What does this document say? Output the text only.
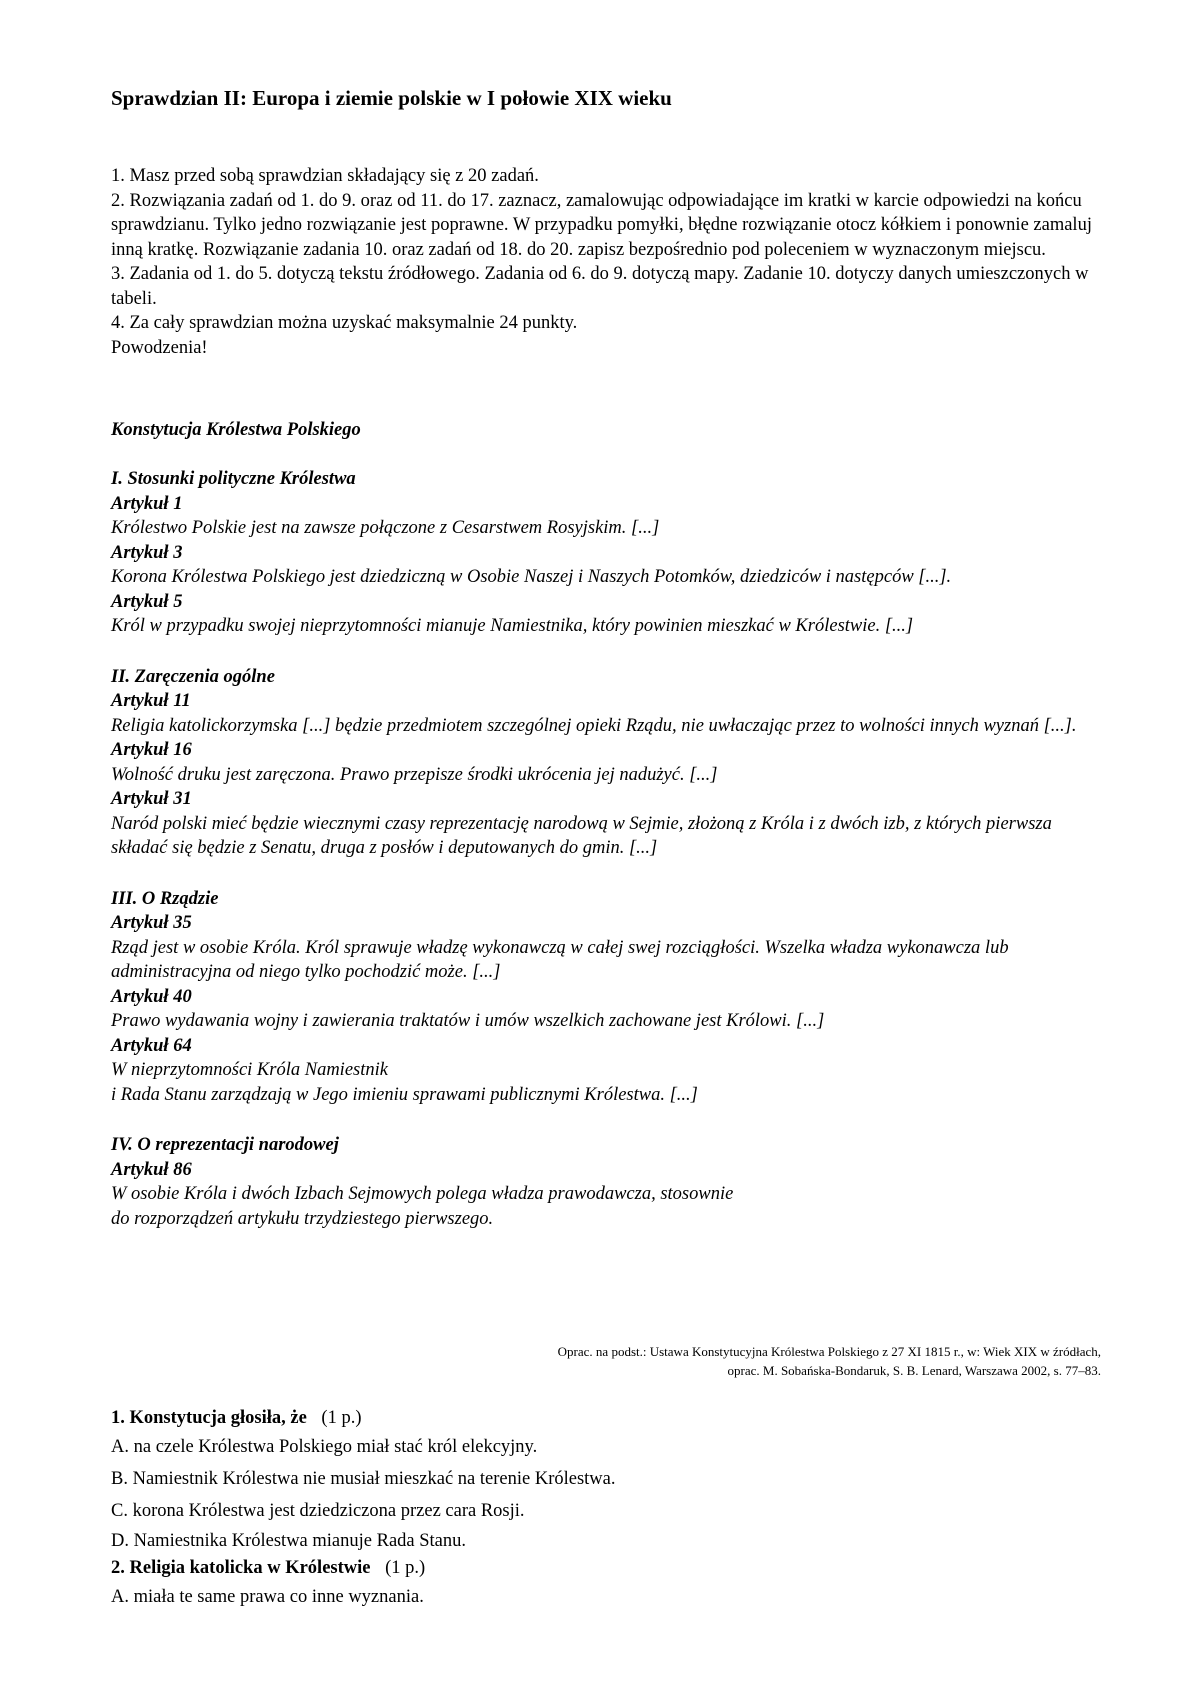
Sprawdzian II: Europa i ziemie polskie w I połowie XIX wieku

1. Masz przed sobą sprawdzian składający się z 20 zadań.

2. Rozwiązania zadań od 1. do 9. oraz od 11. do 17. zaznacz, zamalowując odpowiadające im kratki w karcie odpowiedzi na końcu sprawdzianu. Tylko jedno rozwiązanie jest poprawne. W przypadku pomyłki, błędne rozwiązanie otocz kółkiem i ponownie zamaluj inną kratkę. Rozwiązanie zadania 10. oraz zadań od 18. do 20. zapisz bezpośrednio pod poleceniem w wyznaczonym miejscu.

3. Zadania od 1. do 5. dotyczą tekstu źródłowego. Zadania od 6. do 9. dotyczą mapy. Zadanie 10. dotyczy danych umieszczonych w tabeli.

4. Za cały sprawdzian można uzyskać maksymalnie 24 punkty.

Powodzenia!

Konstytucja Królestwa Polskiego

I. Stosunki polityczne Królestwa

Artykuł 1

Królestwo Polskie jest na zawsze połączone z Cesarstwem Rosyjskim. [...]

Artykuł 3

Korona Królestwa Polskiego jest dziedziczną w Osobie Naszej i Naszych Potomków, dziedziców i następców [...].

Artykuł 5

Król w przypadku swojej nieprzytomności mianuje Namiestnika, który powinien mieszkać w Królestwie. [...]

II. Zaręczenia ogólne

Artykuł 11

Religia katolickorzymska [...] będzie przedmiotem szczególnej opieki Rządu, nie uwłaczając przez to wolności innych wyznań [...].

Artykuł 16

Wolność druku jest zaręczona. Prawo przepisze środki ukrócenia jej nadużyć. [...]

Artykuł 31

Naród polski mieć będzie wiecznymi czasy reprezentację narodową w Sejmie, złożoną z Króla i z dwóch izb, z których pierwsza składać się będzie z Senatu, druga z posłów i deputowanych do gmin. [...]

III. O Rządzie

Artykuł 35

Rząd jest w osobie Króla. Król sprawuje władzę wykonawczą w całej swej rozciągłości. Wszelka władza wykonawcza lub administracyjna od niego tylko pochodzić może. [...]

Artykuł 40

Prawo wydawania wojny i zawierania traktatów i umów wszelkich zachowane jest Królowi. [...]

Artykuł 64

W nieprzytomności Króla Namiestnik
i Rada Stanu zarządzają w Jego imieniu sprawami publicznymi Królestwa. [...]

IV. O reprezentacji narodowej

Artykuł 86

W osobie Króla i dwóch Izbach Sejmowych polega władza prawodawcza, stosownie
do rozporządzeń artykułu trzydziestego pierwszego.

Oprac. na podst.: Ustawa Konstytucyjna Królestwa Polskiego z 27 XI 1815 r., w: Wiek XIX w źródłach,
oprac. M. Sobańska-Bondaruk, S. B. Lenard, Warszawa 2002, s. 77–83.

1. Konstytucja głosiła, że (1 p.)

A. na czele Królestwa Polskiego miał stać król elekcyjny.

B. Namiestnik Królestwa nie musiał mieszkać na terenie Królestwa.

C. korona Królestwa jest dziedziczona przez cara Rosji.

D. Namiestnika Królestwa mianuje Rada Stanu.

2. Religia katolicka w Królestwie (1 p.)

A. miała te same prawa co inne wyznania.
